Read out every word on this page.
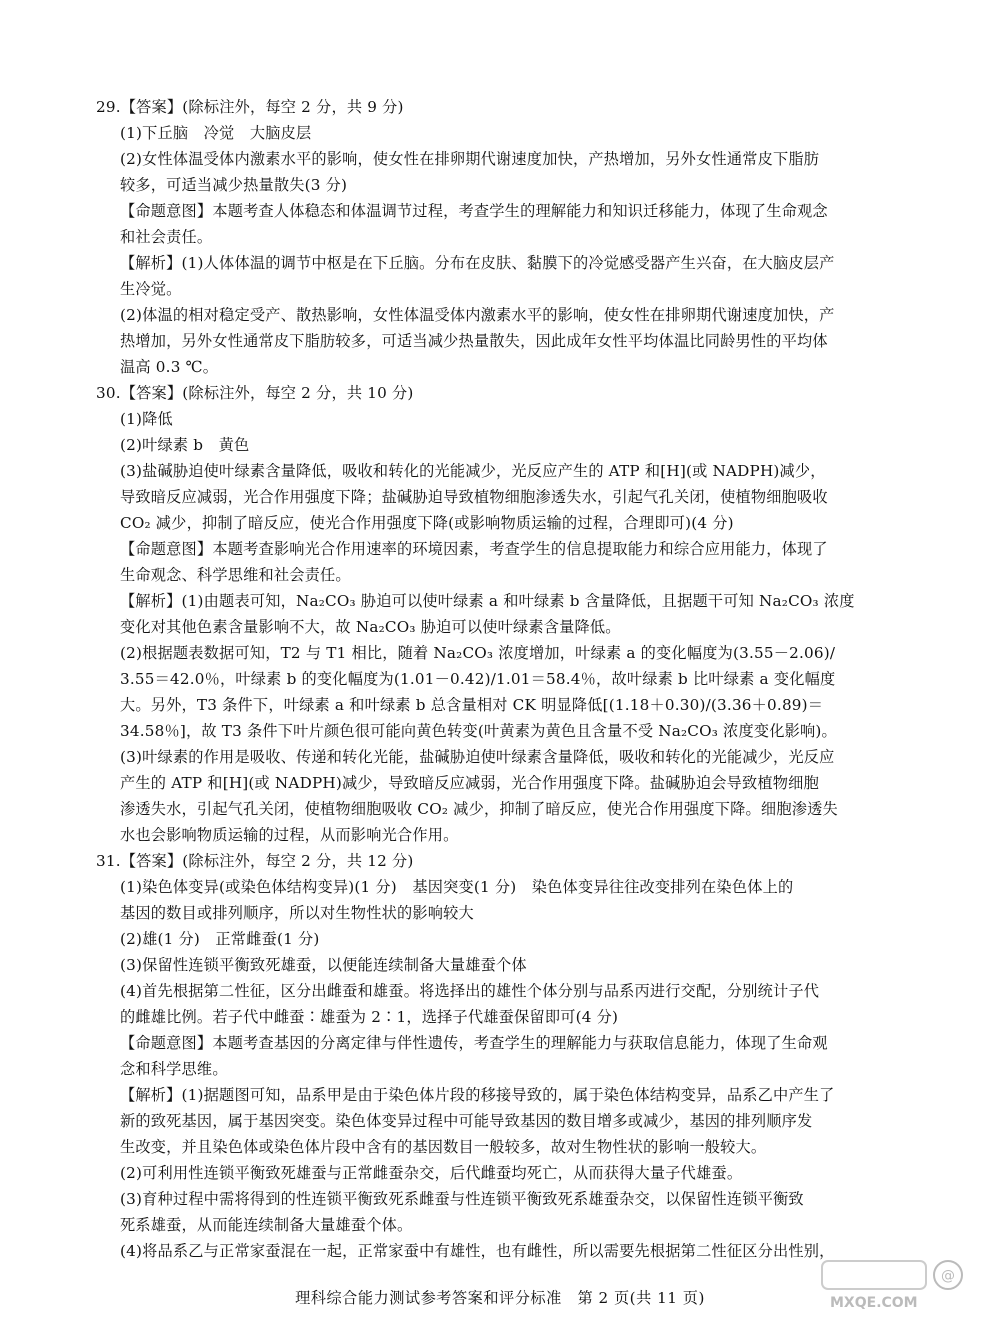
29.【答案】(除标注外，每空 2 分，共 9 分)
(1)下丘脑　冷觉　大脑皮层
(2)女性体温受体内激素水平的影响，使女性在排卵期代谢速度加快，产热增加，另外女性通常皮下脂肪
较多，可适当减少热量散失(3 分)
【命题意图】本题考查人体稳态和体温调节过程，考查学生的理解能力和知识迁移能力，体现了生命观念
和社会责任。
【解析】(1)人体体温的调节中枢是在下丘脑。分布在皮肤、黏膜下的冷觉感受器产生兴奋，在大脑皮层产
生冷觉。
(2)体温的相对稳定受产、散热影响，女性体温受体内激素水平的影响，使女性在排卵期代谢速度加快，产
热增加，另外女性通常皮下脂肪较多，可适当减少热量散失，因此成年女性平均体温比同龄男性的平均体
温高 0.3 ℃。
30.【答案】(除标注外，每空 2 分，共 10 分)
(1)降低
(2)叶绿素 b　黄色
(3)盐碱胁迫使叶绿素含量降低，吸收和转化的光能减少，光反应产生的 ATP 和[H](或 NADPH)减少，
导致暗反应减弱，光合作用强度下降；盐碱胁迫导致植物细胞渗透失水，引起气孔关闭，使植物细胞吸收
CO₂ 减少，抑制了暗反应，使光合作用强度下降(或影响物质运输的过程，合理即可)(4 分)
【命题意图】本题考查影响光合作用速率的环境因素，考查学生的信息提取能力和综合应用能力，体现了
生命观念、科学思维和社会责任。
【解析】(1)由题表可知，Na₂CO₃ 胁迫可以使叶绿素 a 和叶绿素 b 含量降低，且据题干可知 Na₂CO₃ 浓度
变化对其他色素含量影响不大，故 Na₂CO₃ 胁迫可以使叶绿素含量降低。
(2)根据题表数据可知，T2 与 T1 相比，随着 Na₂CO₃ 浓度增加，叶绿素 a 的变化幅度为(3.55－2.06)/
3.55＝42.0％，叶绿素 b 的变化幅度为(1.01－0.42)/1.01＝58.4％，故叶绿素 b 比叶绿素 a 变化幅度
大。另外，T3 条件下，叶绿素 a 和叶绿素 b 总含量相对 CK 明显降低[(1.18＋0.30)/(3.36＋0.89)＝
34.58％]，故 T3 条件下叶片颜色很可能向黄色转变(叶黄素为黄色且含量不受 Na₂CO₃ 浓度变化影响)。
(3)叶绿素的作用是吸收、传递和转化光能，盐碱胁迫使叶绿素含量降低，吸收和转化的光能减少，光反应
产生的 ATP 和[H](或 NADPH)减少，导致暗反应减弱，光合作用强度下降。盐碱胁迫会导致植物细胞
渗透失水，引起气孔关闭，使植物细胞吸收 CO₂ 减少，抑制了暗反应，使光合作用强度下降。细胞渗透失
水也会影响物质运输的过程，从而影响光合作用。
31.【答案】(除标注外，每空 2 分，共 12 分)
(1)染色体变异(或染色体结构变异)(1 分)　基因突变(1 分)　染色体变异往往改变排列在染色体上的
基因的数目或排列顺序，所以对生物性状的影响较大
(2)雄(1 分)　正常雌蚕(1 分)
(3)保留性连锁平衡致死雄蚕，以便能连续制备大量雄蚕个体
(4)首先根据第二性征，区分出雌蚕和雄蚕。将选择出的雄性个体分别与品系丙进行交配，分别统计子代
的雌雄比例。若子代中雌蚕∶雄蚕为 2∶1，选择子代雄蚕保留即可(4 分)
【命题意图】本题考查基因的分离定律与伴性遗传，考查学生的理解能力与获取信息能力，体现了生命观
念和科学思维。
【解析】(1)据题图可知，品系甲是由于染色体片段的移接导致的，属于染色体结构变异，品系乙中产生了
新的致死基因，属于基因突变。染色体变异过程中可能导致基因的数目增多或减少，基因的排列顺序发
生改变，并且染色体或染色体片段中含有的基因数目一般较多，故对生物性状的影响一般较大。
(2)可利用性连锁平衡致死雄蚕与正常雌蚕杂交，后代雌蚕均死亡，从而获得大量子代雄蚕。
(3)育种过程中需将得到的性连锁平衡致死系雌蚕与性连锁平衡致死系雄蚕杂交，以保留性连锁平衡致
死系雄蚕，从而能连续制备大量雄蚕个体。
(4)将品系乙与正常家蚕混在一起，正常家蚕中有雄性，也有雌性，所以需要先根据第二性征区分出性别，
理科综合能力测试参考答案和评分标准　第 2 页(共 11 页)
@
MXQE.COM
